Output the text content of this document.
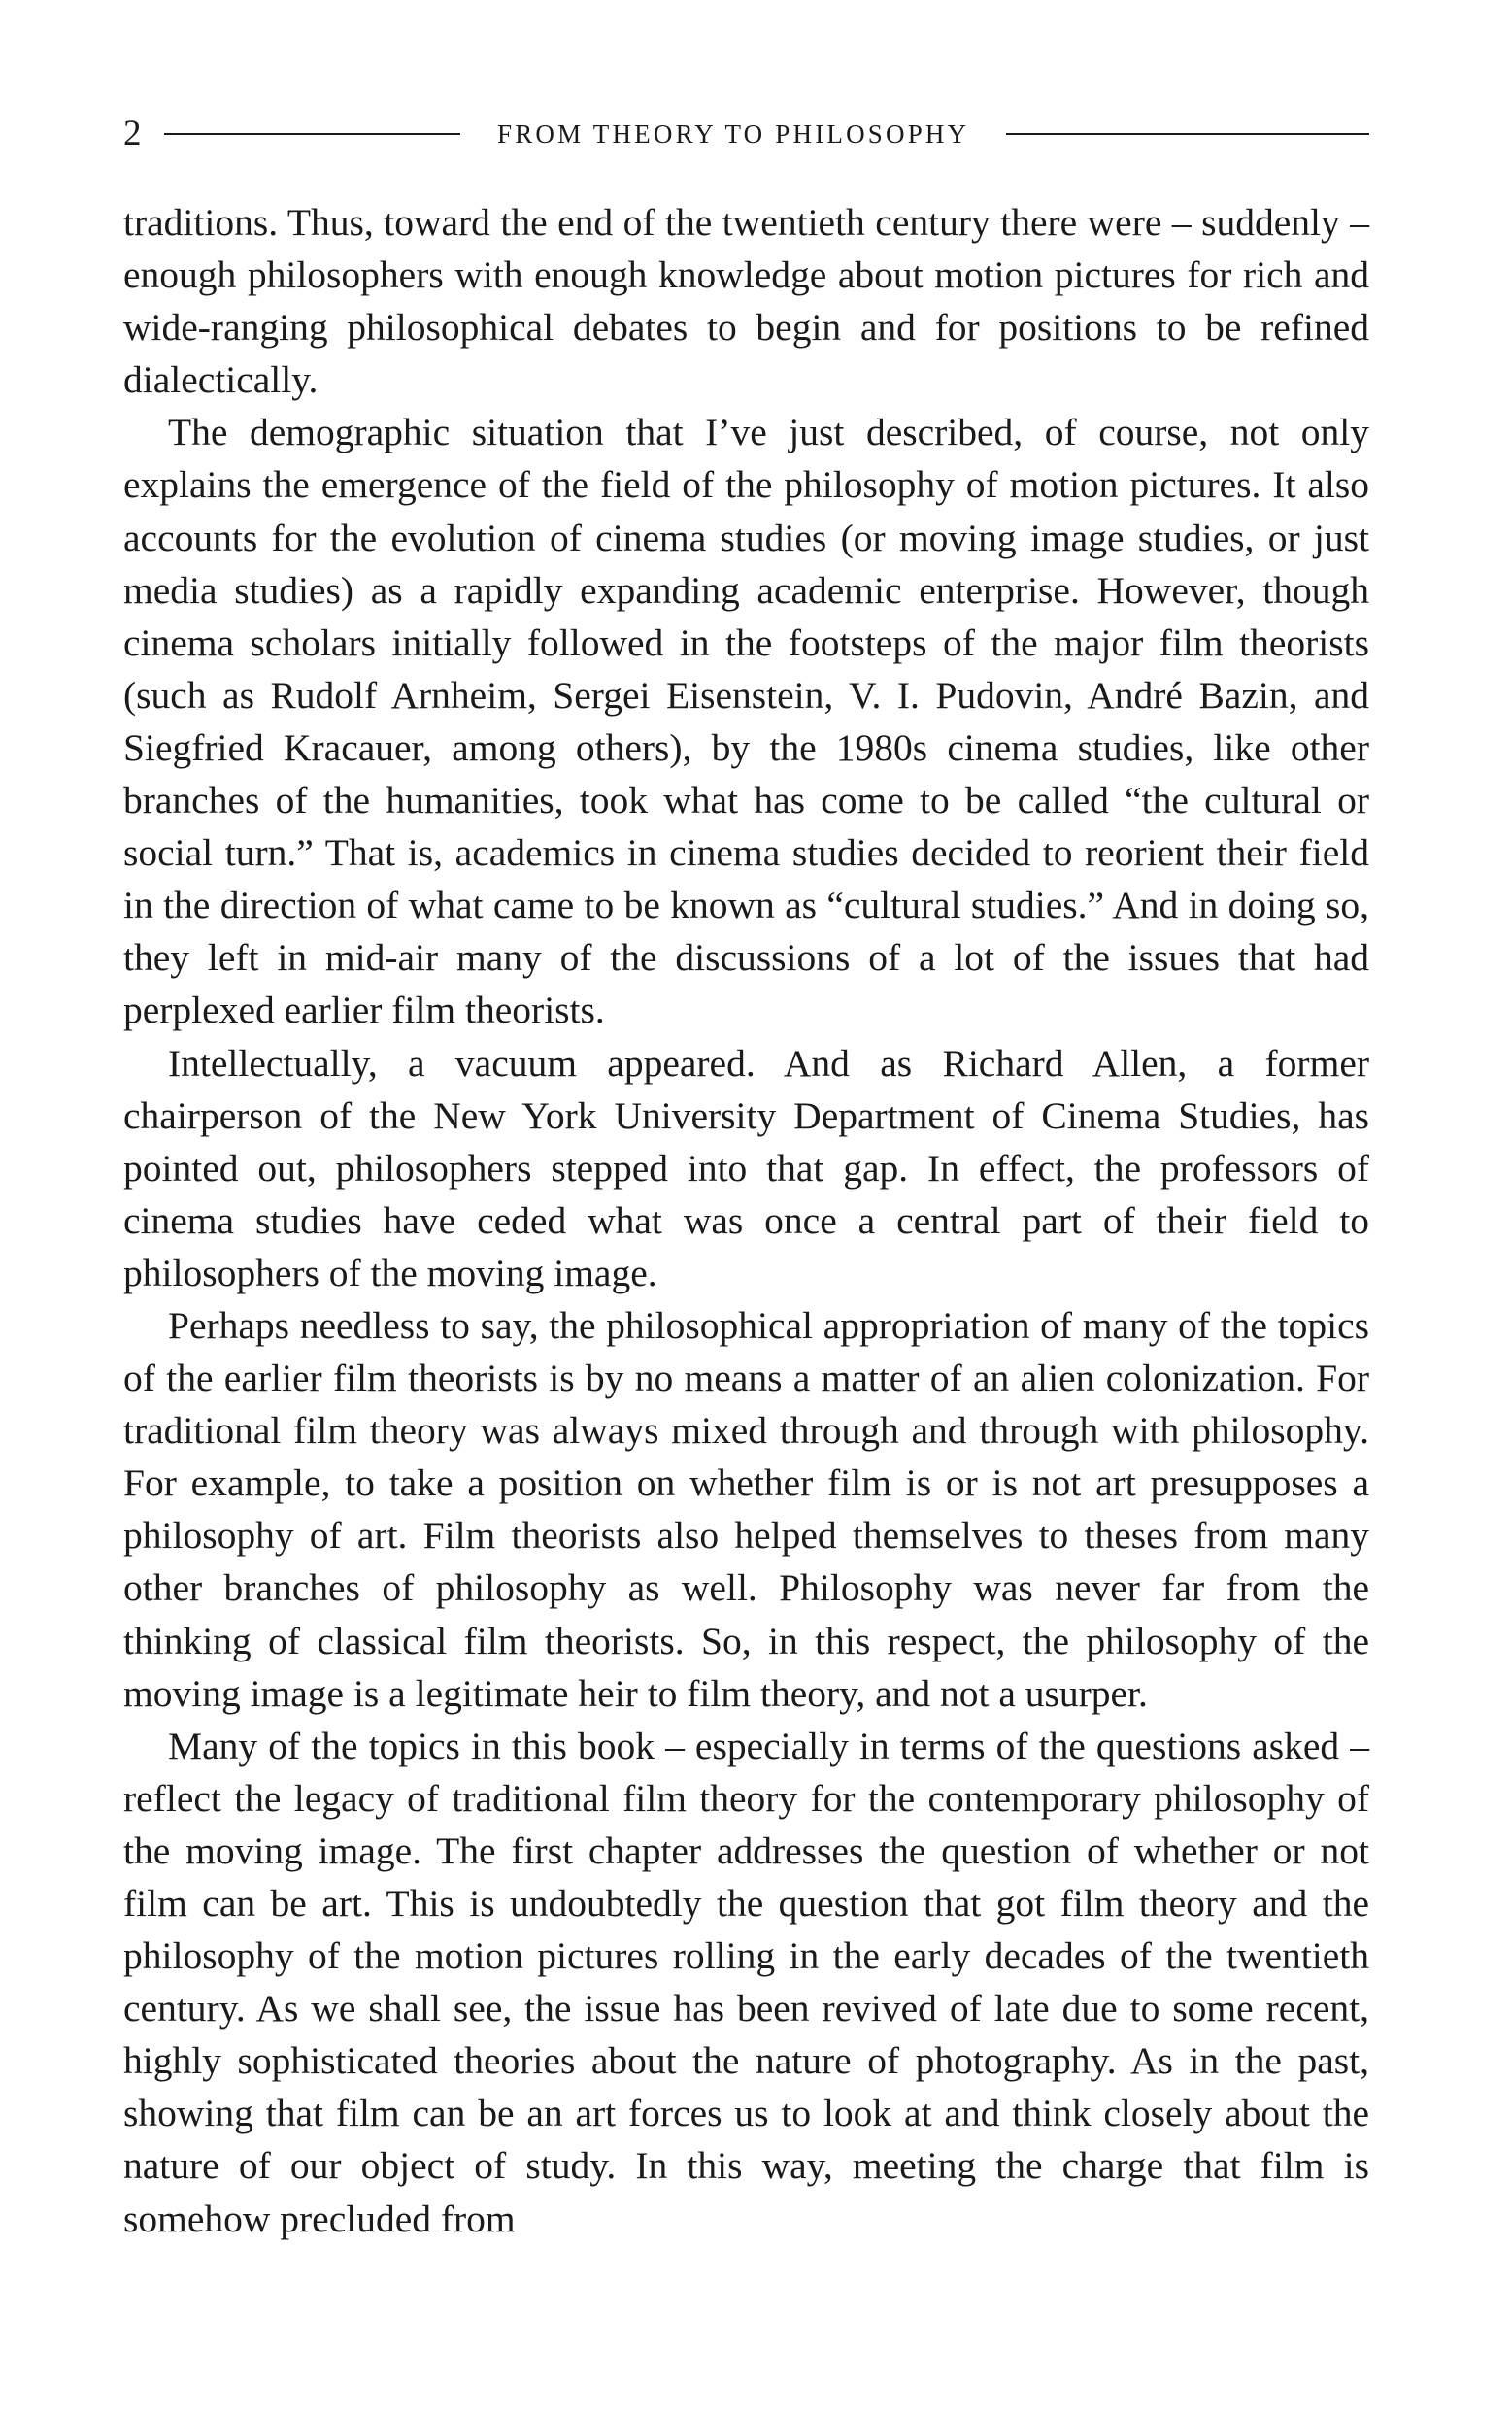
2	FROM THEORY TO PHILOSOPHY

traditions. Thus, toward the end of the twentieth century there were – suddenly – enough philosophers with enough knowledge about motion pictures for rich and wide-ranging philosophical debates to begin and for positions to be refined dialectically.

The demographic situation that I’ve just described, of course, not only explains the emergence of the field of the philosophy of motion pictures. It also accounts for the evolution of cinema studies (or moving image studies, or just media studies) as a rapidly expanding academic enterprise. However, though cinema scholars initially followed in the footsteps of the major film theorists (such as Rudolf Arnheim, Sergei Eisenstein, V. I. Pudovin, André Bazin, and Siegfried Kracauer, among others), by the 1980s cinema studies, like other branches of the humanities, took what has come to be called “the cultural or social turn.” That is, academics in cinema studies decided to reorient their field in the direction of what came to be known as “cultural studies.” And in doing so, they left in mid-air many of the discussions of a lot of the issues that had perplexed earlier film theorists.

Intellectually, a vacuum appeared. And as Richard Allen, a former chairperson of the New York University Department of Cinema Studies, has pointed out, philosophers stepped into that gap. In effect, the professors of cinema studies have ceded what was once a central part of their field to philosophers of the moving image.

Perhaps needless to say, the philosophical appropriation of many of the topics of the earlier film theorists is by no means a matter of an alien colonization. For traditional film theory was always mixed through and through with philosophy. For example, to take a position on whether film is or is not art presupposes a philosophy of art. Film theorists also helped themselves to theses from many other branches of philosophy as well. Philosophy was never far from the thinking of classical film theorists. So, in this respect, the philosophy of the moving image is a legitimate heir to film theory, and not a usurper.

Many of the topics in this book – especially in terms of the questions asked – reflect the legacy of traditional film theory for the contemporary philosophy of the moving image. The first chapter addresses the question of whether or not film can be art. This is undoubtedly the question that got film theory and the philosophy of the motion pictures rolling in the early decades of the twentieth century. As we shall see, the issue has been revived of late due to some recent, highly sophisticated theories about the nature of photography. As in the past, showing that film can be an art forces us to look at and think closely about the nature of our object of study. In this way, meeting the charge that film is somehow precluded from
